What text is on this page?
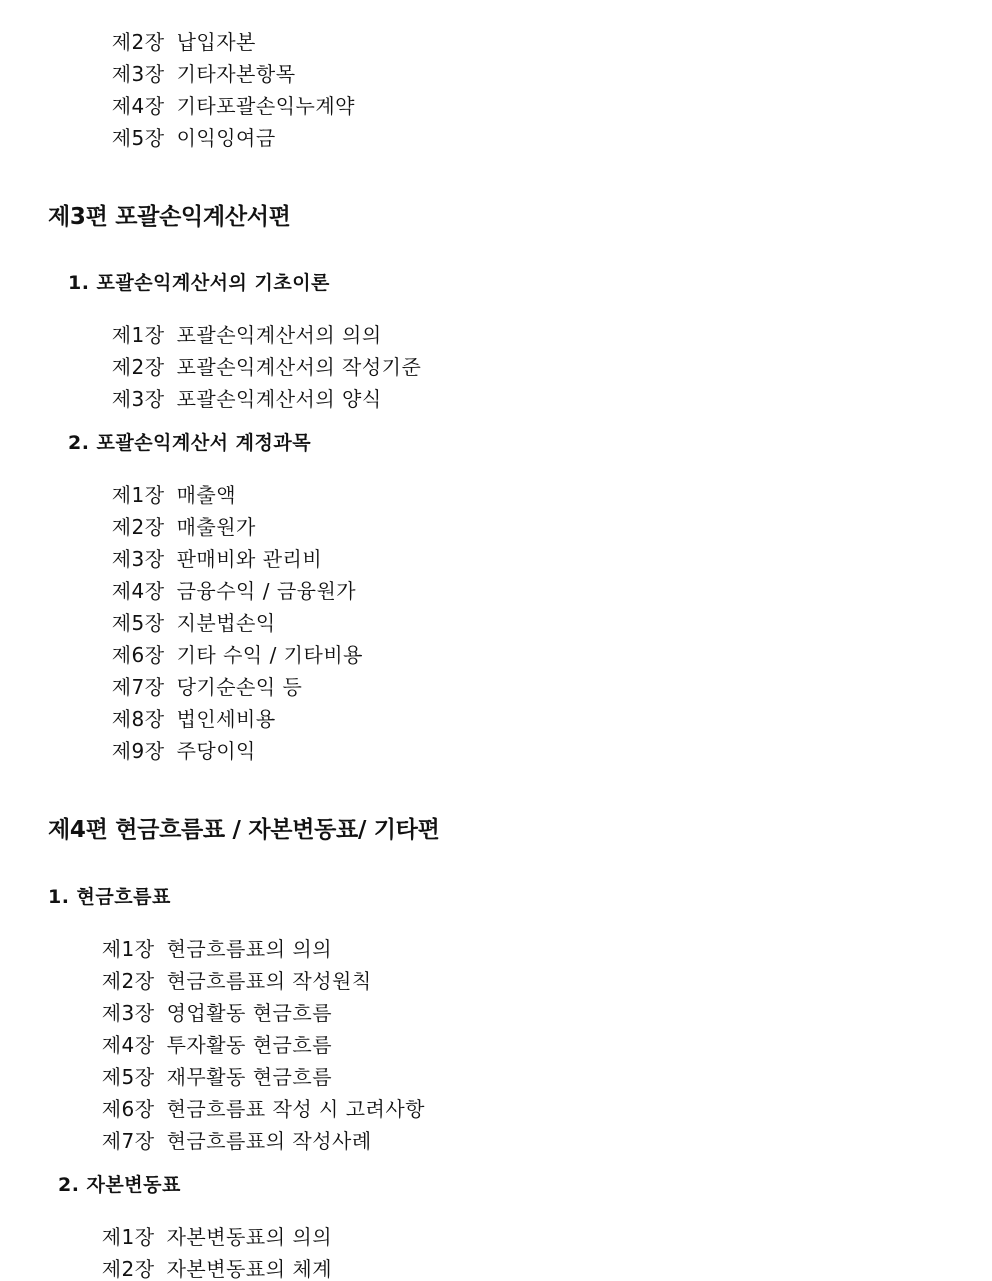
제2장 납입자본

제3장 기타자본항목

제4장 기타포괄손익누계약

제5장 이익잉여금

제3편 포괄손익계산서편
1. 포괄손익계산서의 기초이론

제1장 포괄손익계산서의 의의

제2장 포괄손익계산서의 작성기준

제3장 포괄손익계산서의 양식

2. 포괄손익계산서 계정과목

제1장 매출액

제2장 매출원가

제3장 판매비와 관리비

제4장 금융수익 / 금융원가

제5장 지분법손익

제6장 기타 수익 / 기타비용

제7장 당기순손익 등

제8장 법인세비용

제9장 주당이익

제4편 현금흐름표 / 자본변동표/ 기타편
1. 현금흐름표

제1장 현금흐름표의 의의

제2장 현금흐름표의 작성원칙

제3장 영업활동 현금흐름

제4장 투자활동 현금흐름

제5장 재무활동 현금흐름

제6장 현금흐름표 작성 시 고려사항

제7장 현금흐름표의 작성사례

2. 자본변동표

제1장 자본변동표의 의의

제2장 자본변동표의 체계
